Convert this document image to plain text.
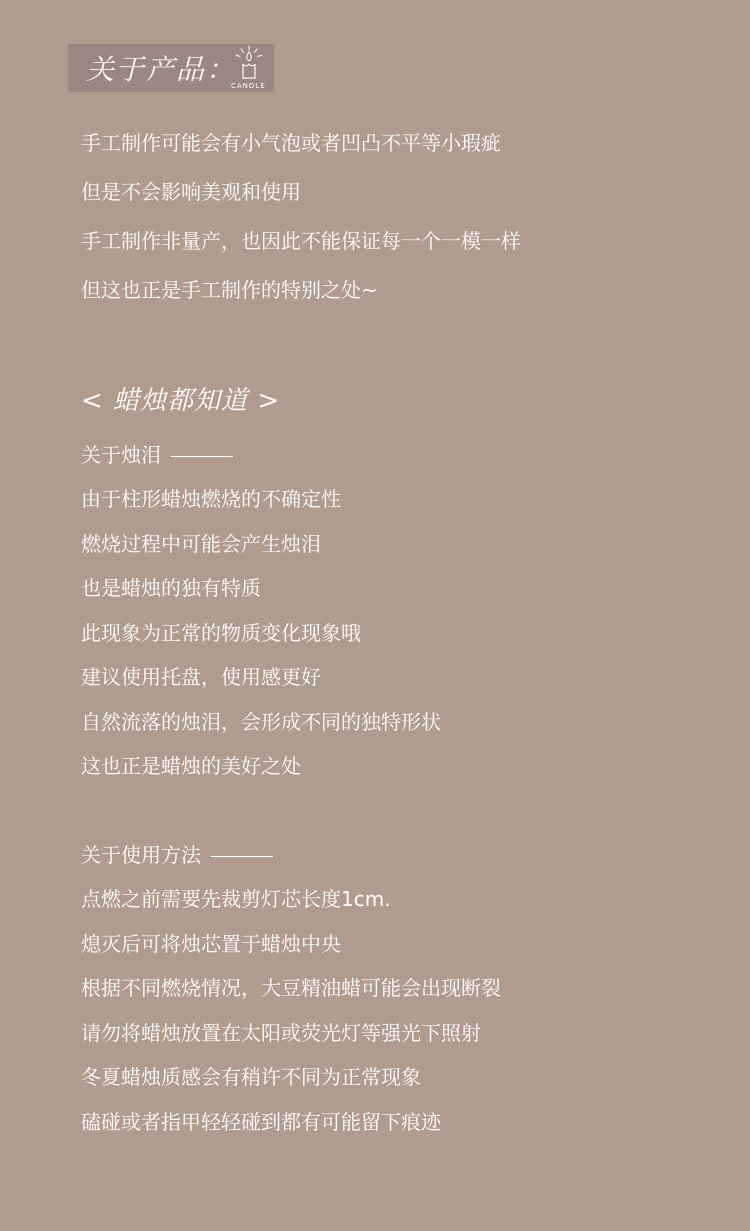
关于产品：
CANDLE
手工制作可能会有小气泡或者凹凸不平等小瑕疵
但是不会影响美观和使用
手工制作非量产，也因此不能保证每一个一模一样
但这也正是手工制作的特别之处~
< 蜡烛都知道 >
关于烛泪
由于柱形蜡烛燃烧的不确定性
燃烧过程中可能会产生烛泪
也是蜡烛的独有特质
此现象为正常的物质变化现象哦
建议使用托盘，使用感更好
自然流落的烛泪，会形成不同的独特形状
这也正是蜡烛的美好之处
关于使用方法
点燃之前需要先裁剪灯芯长度1cm.
熄灭后可将烛芯置于蜡烛中央
根据不同燃烧情况，大豆精油蜡可能会出现断裂
请勿将蜡烛放置在太阳或荧光灯等强光下照射
冬夏蜡烛质感会有稍许不同为正常现象
磕碰或者指甲轻轻碰到都有可能留下痕迹
